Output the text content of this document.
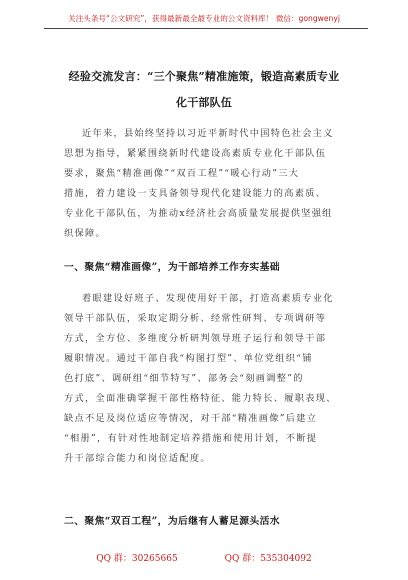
关注头条号“公文研究”，获得最新最全最专业的公文资料库！ 微信：gongwenyj
经验交流发言：“三个聚焦”精准施策，锻造高素质专业
化干部队伍
近年来，县始终坚持以习近平新时代中国特色社会主义
思想为指导，紧紧围绕新时代建设高素质专业化干部队伍
要求，聚焦“精准画像”“双百工程”“暖心行动”三大
措施，着力建设一支具备领导现代化建设能力的高素质、
专业化干部队伍，为推动x经济社会高质量发展提供坚强组
织保障。
一、聚焦“精准画像”，为干部培养工作夯实基础
着眼建设好班子、发现使用好干部，打造高素质专业化
领导干部队伍，采取定期分析、经常性研判、专项调研等
方式，全方位、多维度分析研判领导班子运行和领导干部
履职情况。通过干部自我“构图打型”、单位党组织“铺
色打底”、调研组“细节特写”、部务会“刻画调整”的
方式，全面准确掌握干部性格特征、能力特长、履职表现、
缺点不足及岗位适应等情况，对干部“精准画像”后建立
“相册”，有针对性地制定培养措施和使用计划，不断提
升干部综合能力和岗位适配度。
二、聚焦“双百工程”，为后继有人蓄足源头活水
QQ 群：30265665	QQ 群：535304092
